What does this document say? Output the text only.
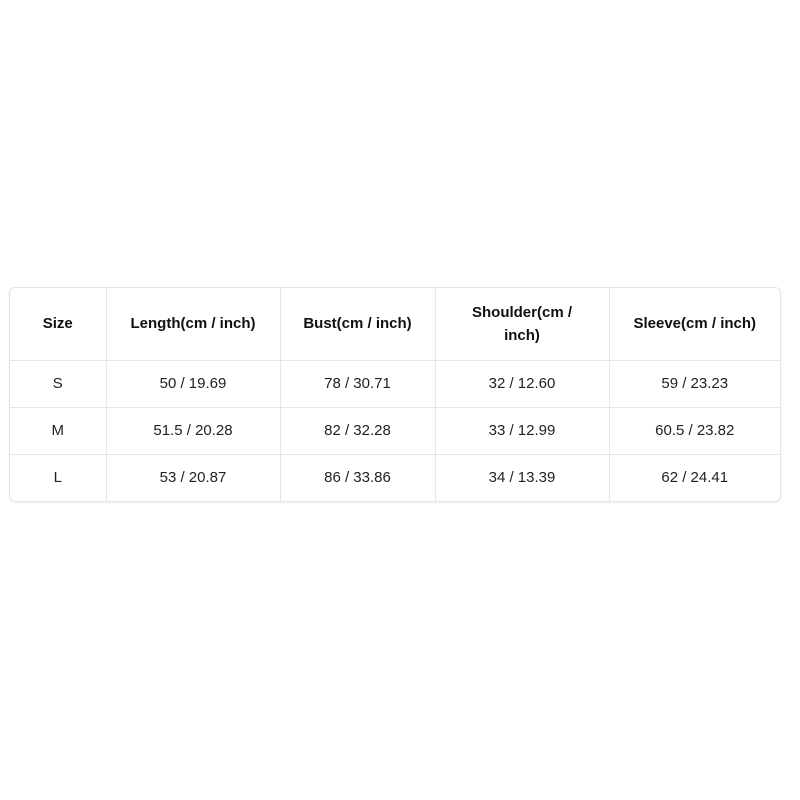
Size	Length(cm / inch)	Bust(cm / inch)	Shoulder(cm / inch)	Sleeve(cm / inch)
S	50 / 19.69	78 / 30.71	32 / 12.60	59 / 23.23
M	51.5 / 20.28	82 / 32.28	33 / 12.99	60.5 / 23.82
L	53 / 20.87	86 / 33.86	34 / 13.39	62 / 24.41
